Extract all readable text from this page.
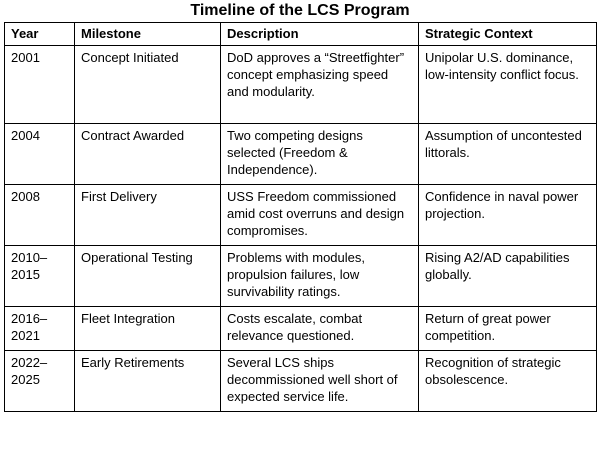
Timeline of the LCS Program
Year	Milestone	Description	Strategic Context
2001	Concept Initiated	DoD approves a “Streetfighter” concept emphasizing speed and modularity.	Unipolar U.S. dominance, low-intensity conflict focus.
2004	Contract Awarded	Two competing designs selected (Freedom & Independence).	Assumption of uncontested littorals.
2008	First Delivery	USS Freedom commissioned amid cost overruns and design compromises.	Confidence in naval power projection.
2010–2015	Operational Testing	Problems with modules, propulsion failures, low survivability ratings.	Rising A2/AD capabilities globally.
2016–2021	Fleet Integration	Costs escalate, combat relevance questioned.	Return of great power competition.
2022–2025	Early Retirements	Several LCS ships decommissioned well short of expected service life.	Recognition of strategic obsolescence.
